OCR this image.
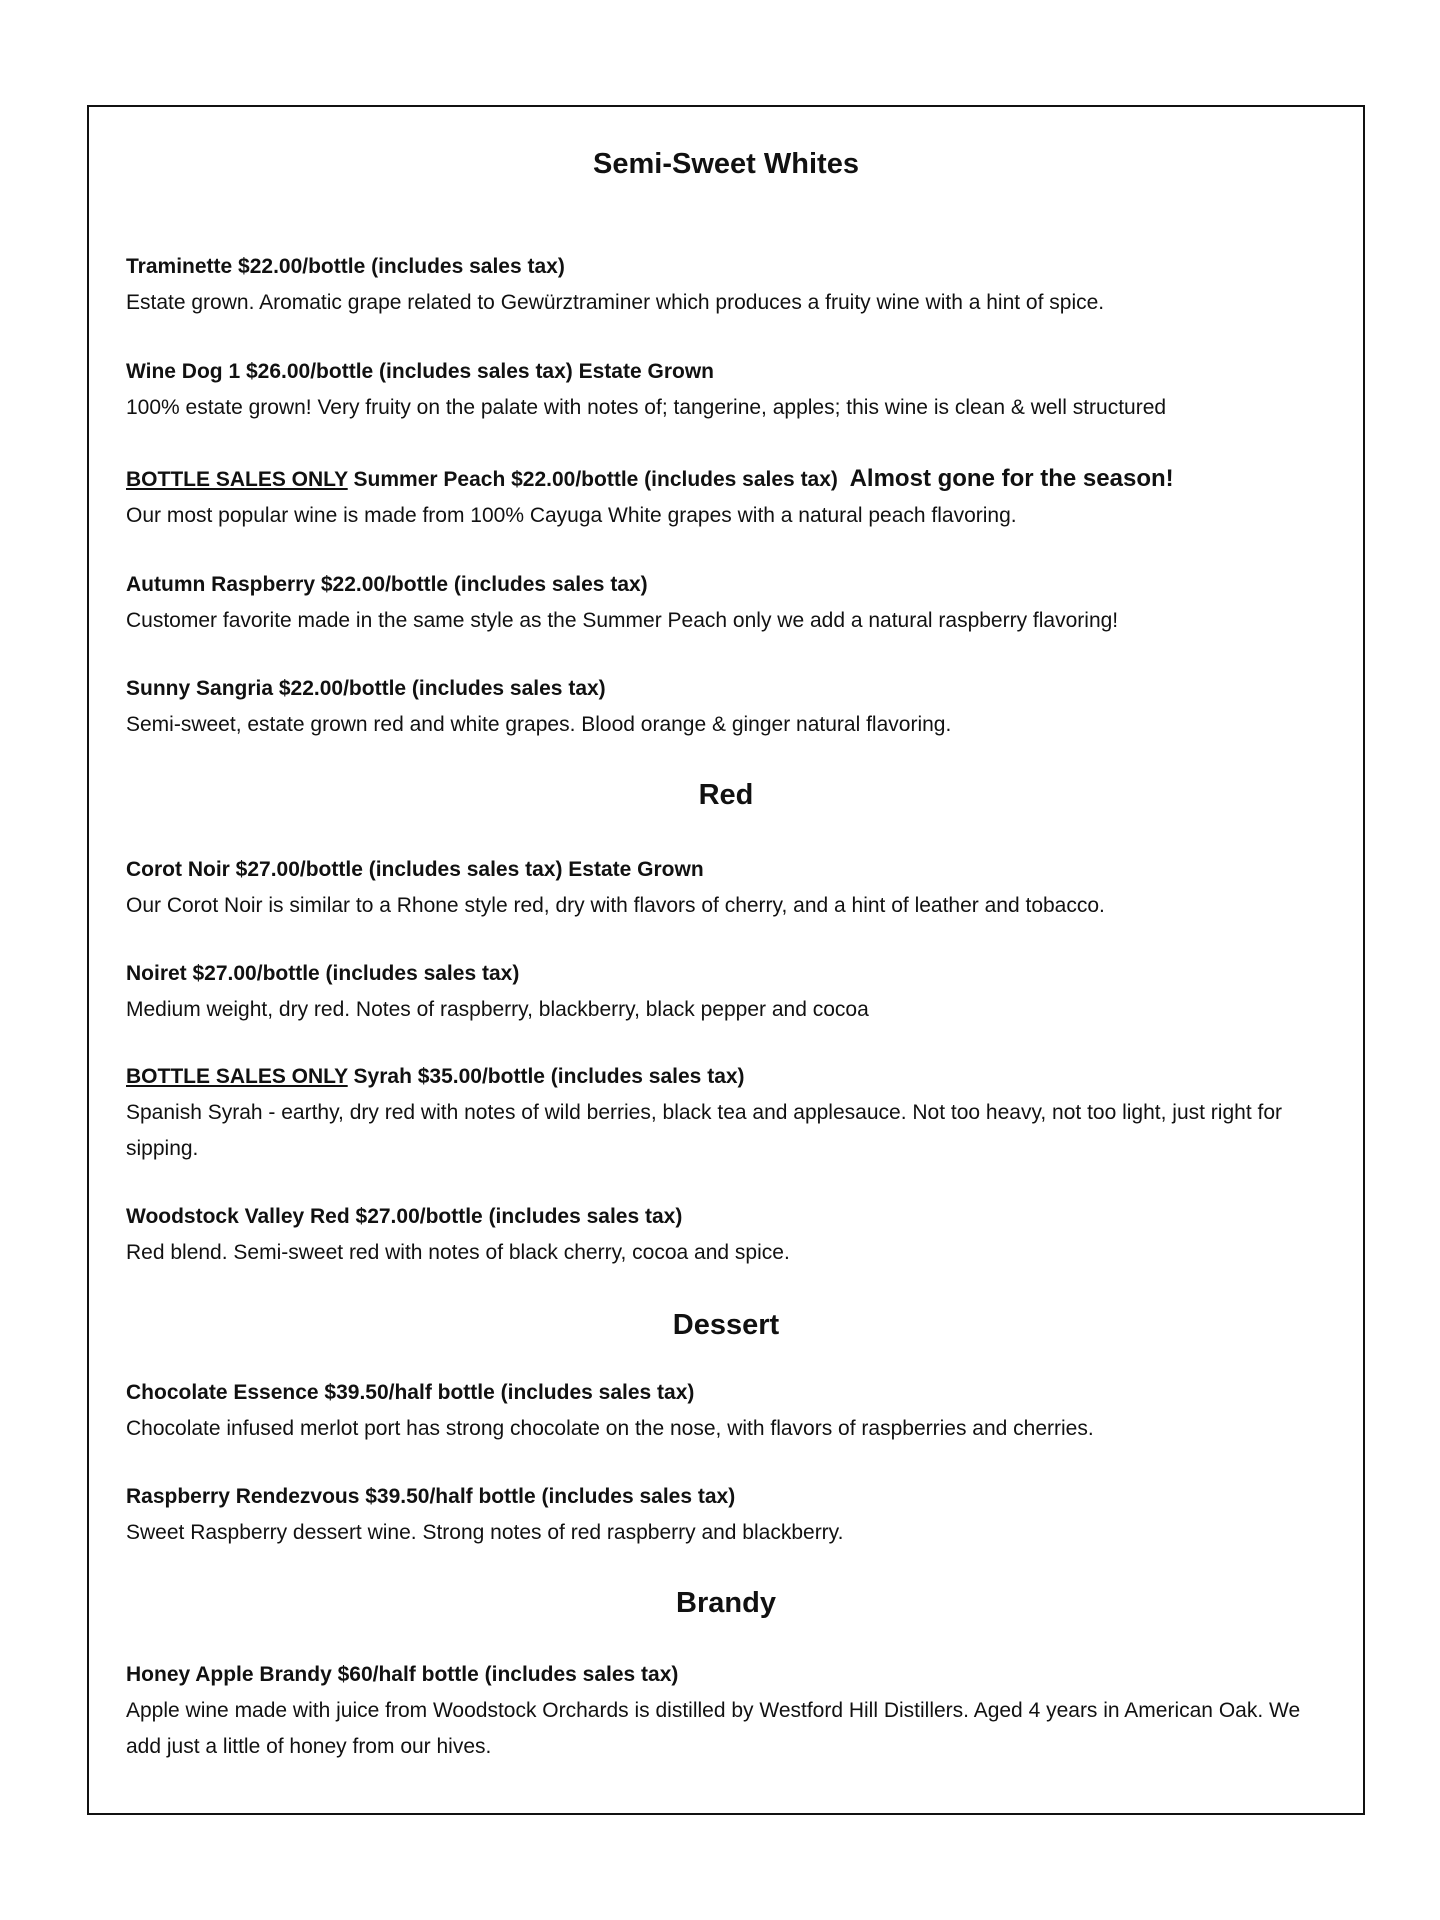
Semi-Sweet Whites
Traminette $22.00/bottle (includes sales tax)
Estate grown. Aromatic grape related to Gewürztraminer which produces a fruity wine with a hint of spice.
Wine Dog 1 $26.00/bottle (includes sales tax) Estate Grown
100% estate grown! Very fruity on the palate with notes of; tangerine, apples; this wine is clean & well structured
BOTTLE SALES ONLY Summer Peach $22.00/bottle (includes sales tax)  Almost gone for the season!
Our most popular wine is made from 100% Cayuga White grapes with a natural peach flavoring.
Autumn Raspberry $22.00/bottle (includes sales tax)
Customer favorite made in the same style as the Summer Peach only we add a natural raspberry flavoring!
Sunny Sangria $22.00/bottle (includes sales tax)
Semi-sweet, estate grown red and white grapes. Blood orange & ginger natural flavoring.
Red
Corot Noir $27.00/bottle (includes sales tax) Estate Grown
Our Corot Noir is similar to a Rhone style red, dry with flavors of cherry, and a hint of leather and tobacco.
Noiret $27.00/bottle (includes sales tax)
Medium weight, dry red. Notes of raspberry, blackberry, black pepper and cocoa
BOTTLE SALES ONLY Syrah $35.00/bottle (includes sales tax)
Spanish Syrah - earthy, dry red with notes of wild berries, black tea and applesauce. Not too heavy, not too light, just right for sipping.
Woodstock Valley Red $27.00/bottle (includes sales tax)
Red blend. Semi-sweet red with notes of black cherry, cocoa and spice.
Dessert
Chocolate Essence $39.50/half bottle (includes sales tax)
Chocolate infused merlot port has strong chocolate on the nose, with flavors of raspberries and cherries.
Raspberry Rendezvous $39.50/half bottle (includes sales tax)
Sweet Raspberry dessert wine. Strong notes of red raspberry and blackberry.
Brandy
Honey Apple Brandy $60/half bottle (includes sales tax)
Apple wine made with juice from Woodstock Orchards is distilled by Westford Hill Distillers. Aged 4 years in American Oak. We add just a little of honey from our hives.
